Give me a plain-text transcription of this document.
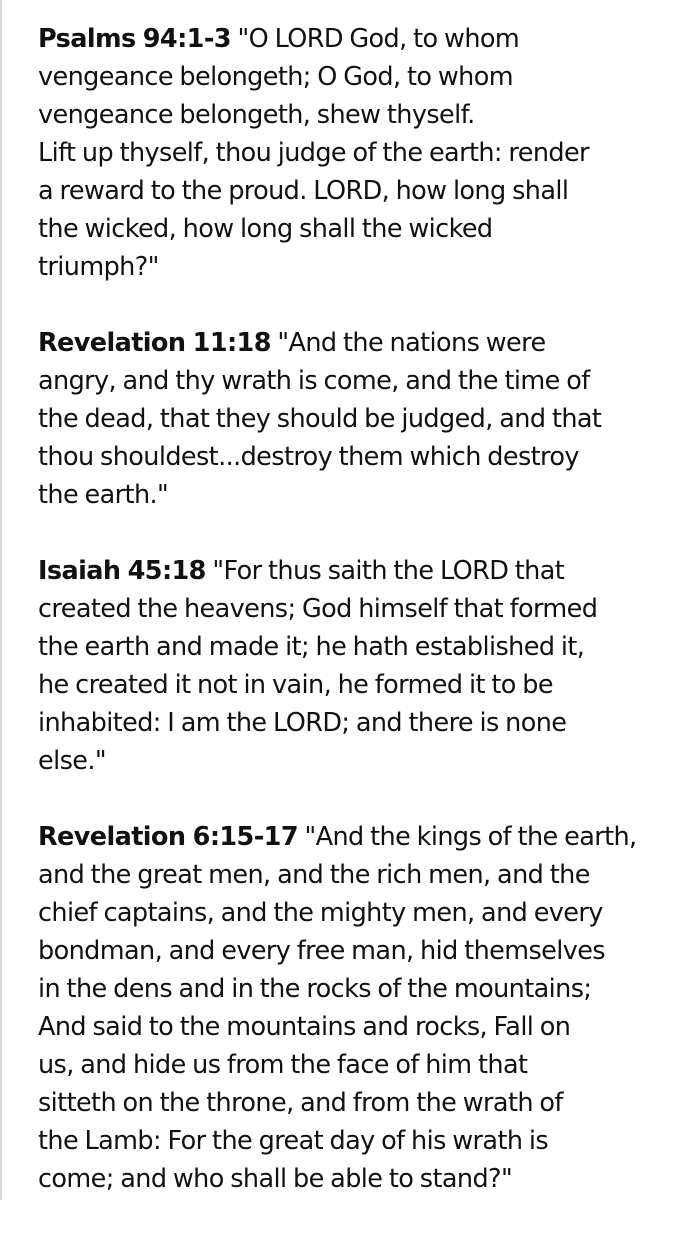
Psalms 94:1-3 "O LORD God, to whom
vengeance belongeth; O God, to whom
vengeance belongeth, shew thyself.
Lift up thyself, thou judge of the earth: render
a reward to the proud. LORD, how long shall
the wicked, how long shall the wicked
triumph?"

Revelation 11:18 "And the nations were
angry, and thy wrath is come, and the time of
the dead, that they should be judged, and that
thou shouldest...destroy them which destroy
the earth."

Isaiah 45:18 "For thus saith the LORD that
created the heavens; God himself that formed
the earth and made it; he hath established it,
he created it not in vain, he formed it to be
inhabited: I am the LORD; and there is none
else."

Revelation 6:15-17 "And the kings of the earth,
and the great men, and the rich men, and the
chief captains, and the mighty men, and every
bondman, and every free man, hid themselves
in the dens and in the rocks of the mountains;
And said to the mountains and rocks, Fall on
us, and hide us from the face of him that
sitteth on the throne, and from the wrath of
the Lamb: For the great day of his wrath is
come; and who shall be able to stand?"
